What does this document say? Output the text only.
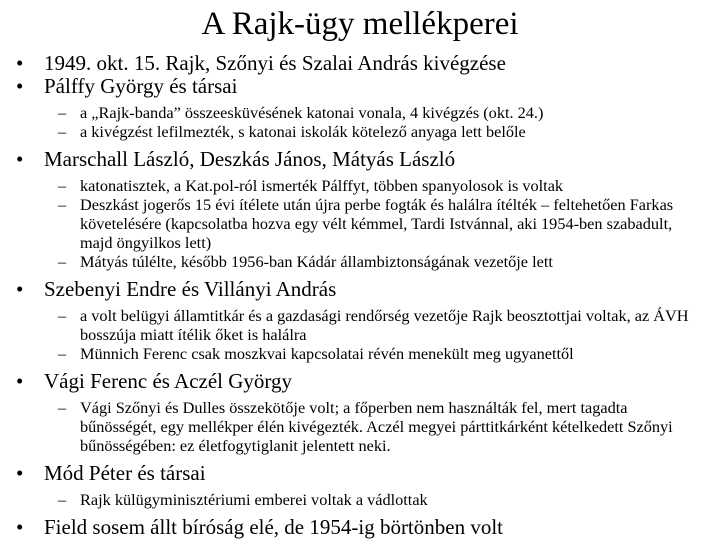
A Rajk-ügy mellékperei
• 1949. okt. 15. Rajk, Szőnyi és Szalai András kivégzése
• Pálffy György és társai
– a „Rajk-banda” összeesküvésének katonai vonala, 4 kivégzés (okt. 24.)
– a kivégzést lefilmezték, s katonai iskolák kötelező anyaga lett belőle
• Marschall László, Deszkás János, Mátyás László
– katonatisztek, a Kat.pol-ról ismerték Pálffyt, többen spanyolosok is voltak
– Deszkást jogerős 15 évi ítélete után újra perbe fogták és halálra ítélték – feltehetően Farkas követelésére (kapcsolatba hozva egy vélt kémmel, Tardi Istvánnal, aki 1954-ben szabadult, majd öngyilkos lett)
– Mátyás túlélte, később 1956-ban Kádár állambiztonságának vezetője lett
• Szebenyi Endre és Villányi András
– a volt belügyi államtitkár és a gazdasági rendőrség vezetője Rajk beosztottjai voltak, az ÁVH bosszúja miatt ítélik őket is halálra
– Münnich Ferenc csak moszkvai kapcsolatai révén menekült meg ugyanettől
• Vági Ferenc és Aczél György
– Vági Szőnyi és Dulles összekötője volt; a főperben nem használták fel, mert tagadta bűnösségét, egy mellékper élén kivégezték. Aczél megyei párttitkárként kételkedett Szőnyi bűnösségében: ez életfogytiglanit jelentett neki.
• Mód Péter és társai
– Rajk külügyminisztériumi emberei voltak a vádlottak
• Field sosem állt bíróság elé, de 1954-ig börtönben volt
